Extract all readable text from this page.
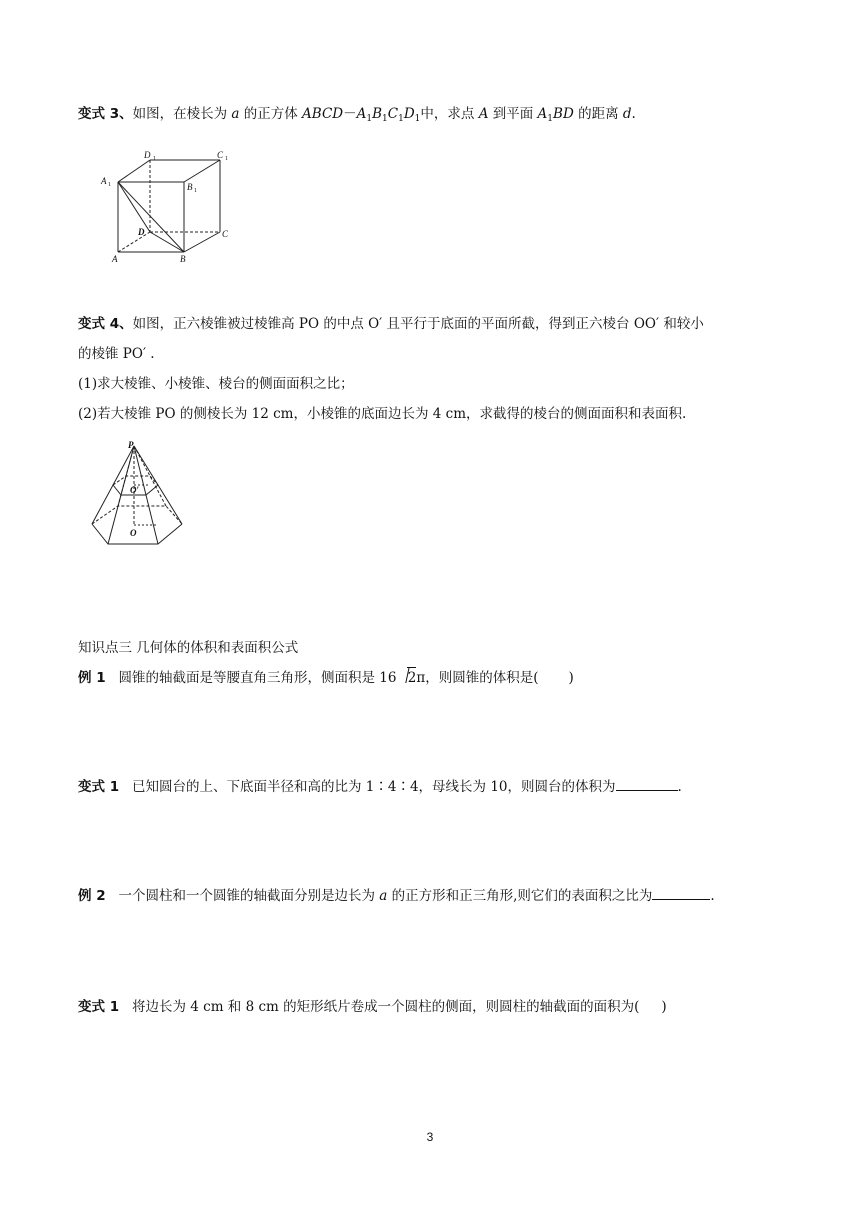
变式 3、如图，在棱长为 a 的正方体 $ABCD-A_1B_1C_1D_1$中，求点 A 到平面 $A_1BD$ 的距离 d.
D 1	C 1
A 1	B 1
D	C
A	B
变式 4、如图，正六棱锥被过棱锥高 PO 的中点 O′ 且平行于底面的平面所截，得到正六棱台 OO′ 和较小
的棱锥 PO′ .
(1)求大棱锥、小棱锥、棱台的侧面面积之比；
(2)若大棱锥 PO 的侧棱长为 12 cm，小棱锥的底面边长为 4 cm，求截得的棱台的侧面面积和表面积.
P
O′
O
知识点三 几何体的体积和表面积公式
例 1 圆锥的轴截面是等腰直角三角形，侧面积是 16 2π，则圆锥的体积是( )
变式 1 已知圆台的上、下底面半径和高的比为 1∶4∶4，母线长为 10，则圆台的体积为	.
例 2 一个圆柱和一个圆锥的轴截面分别是边长为 a 的正方形和正三角形,则它们的表面积之比为	.
变式 1 将边长为 4 cm 和 8 cm 的矩形纸片卷成一个圆柱的侧面，则圆柱的轴截面的面积为( )
3
